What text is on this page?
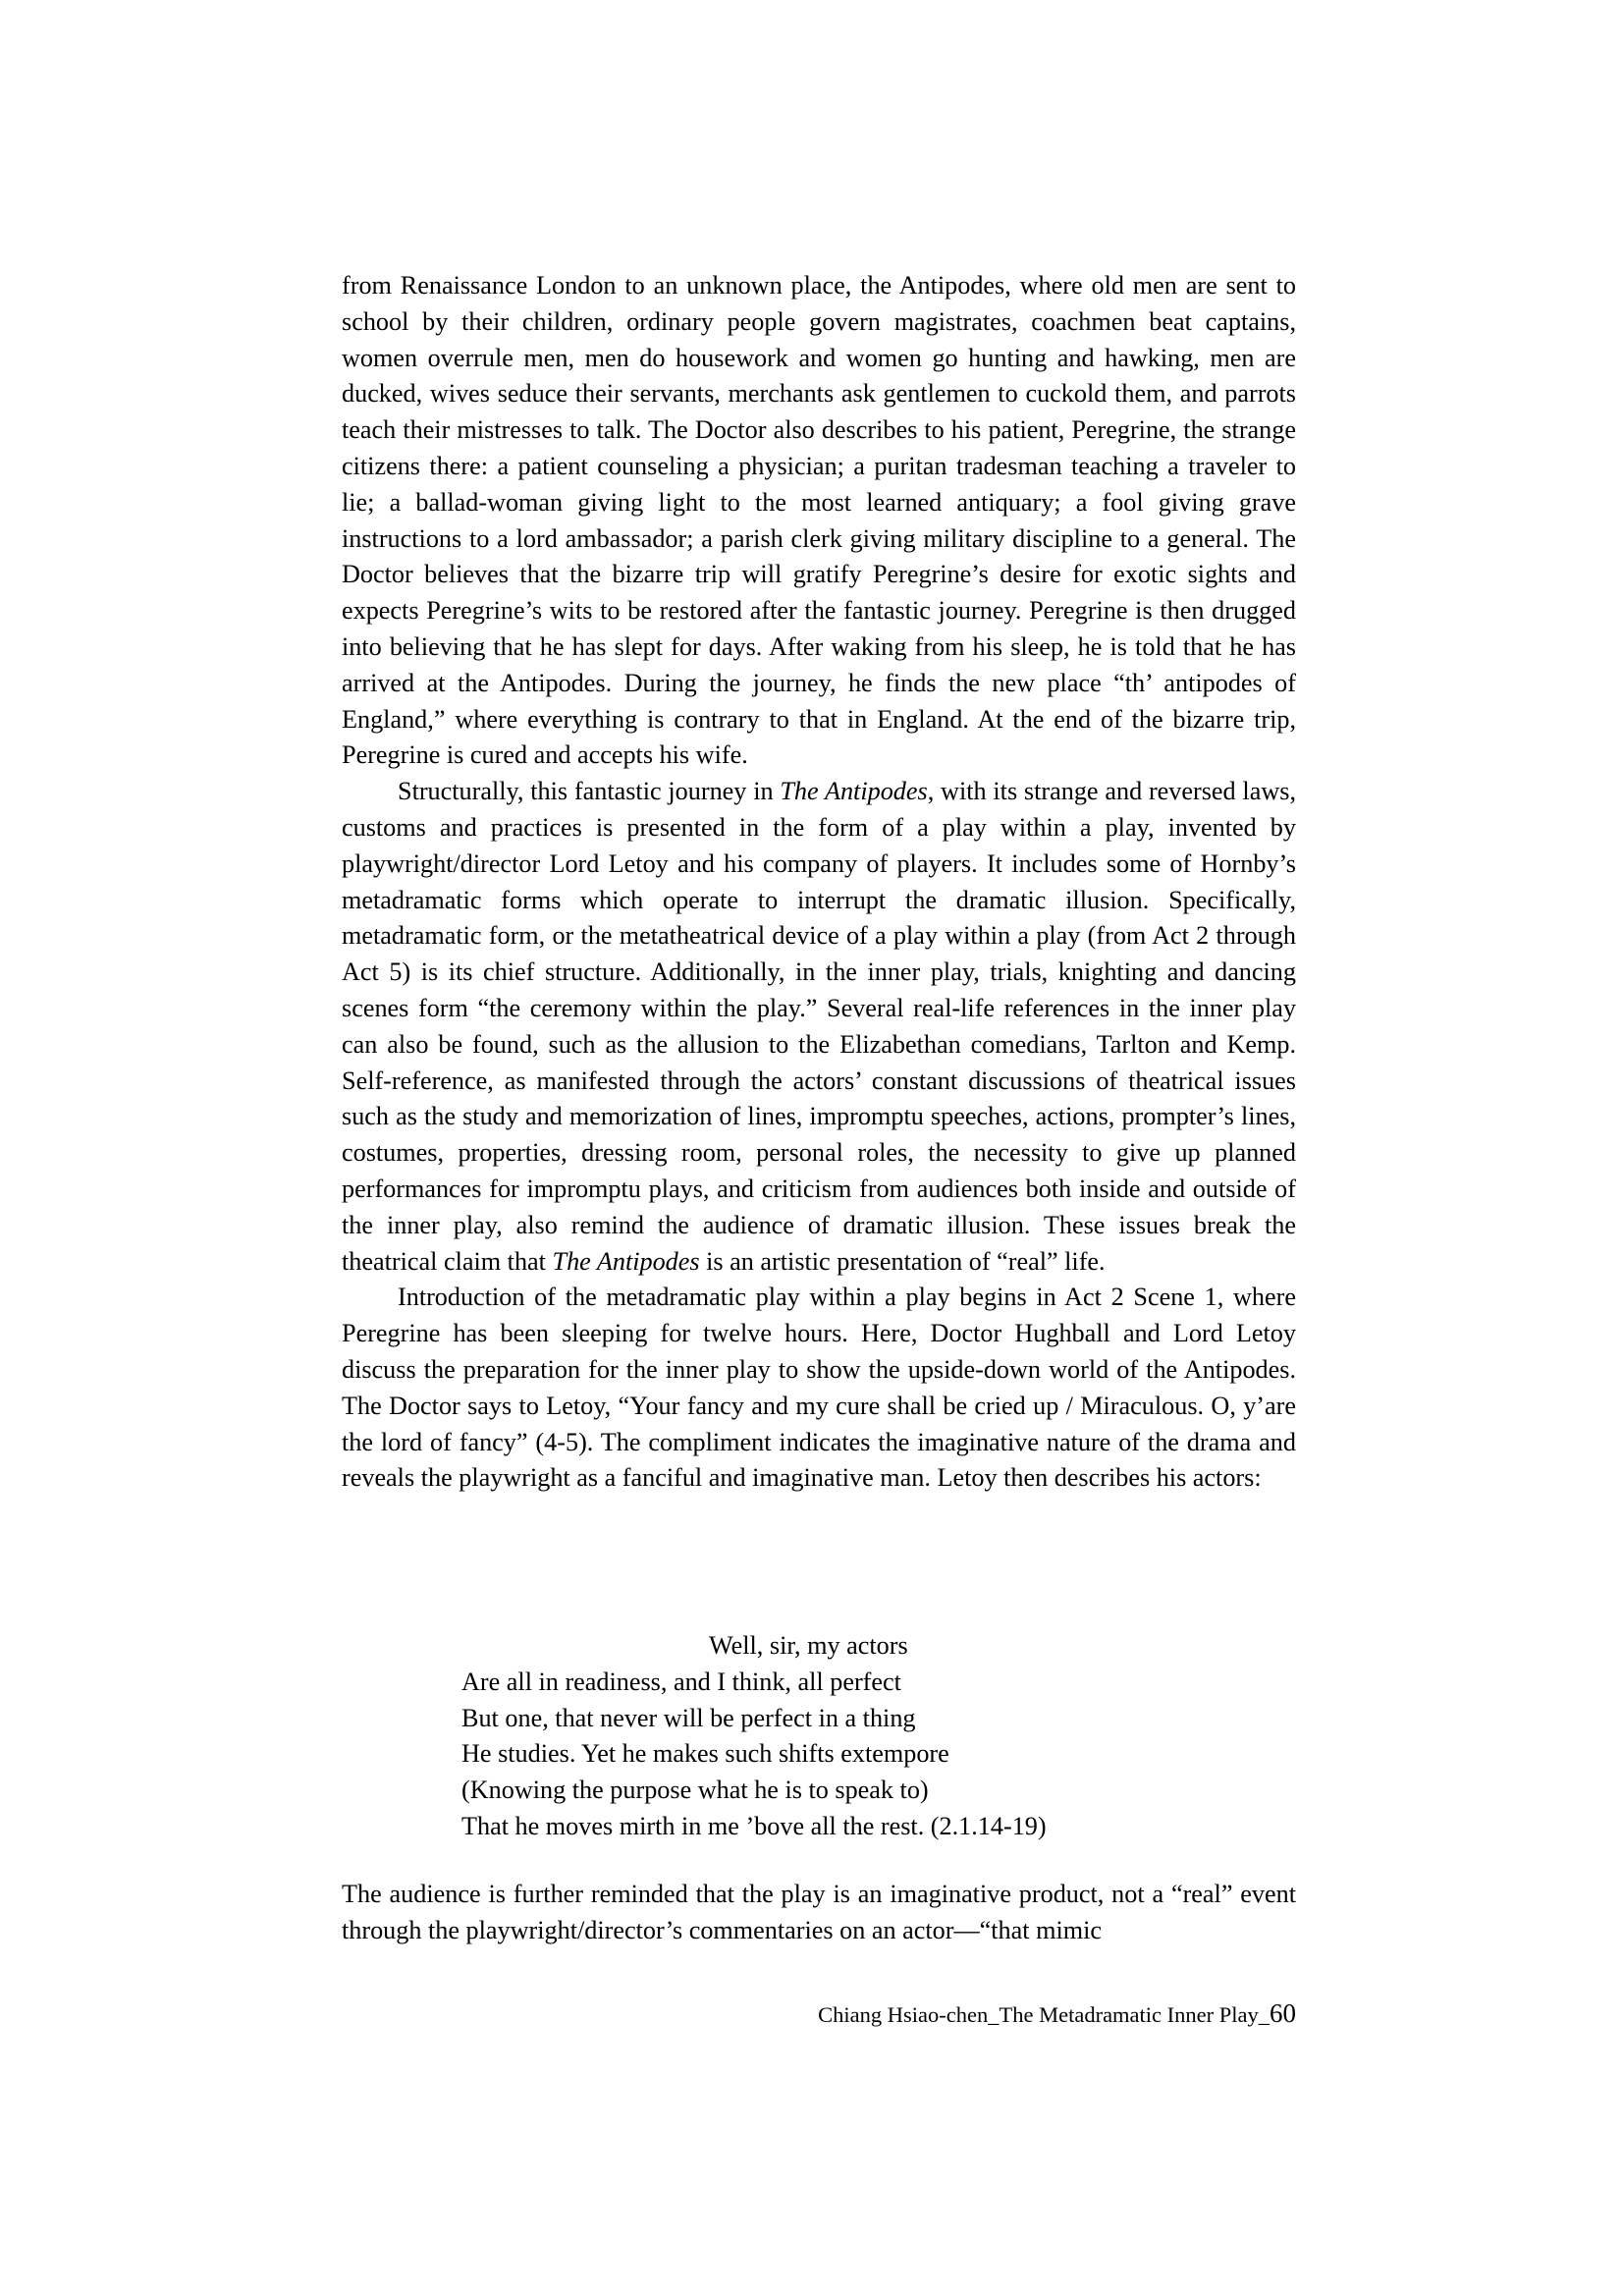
from Renaissance London to an unknown place, the Antipodes, where old men are sent to school by their children, ordinary people govern magistrates, coachmen beat captains, women overrule men, men do housework and women go hunting and hawking, men are ducked, wives seduce their servants, merchants ask gentlemen to cuckold them, and parrots teach their mistresses to talk. The Doctor also describes to his patient, Peregrine, the strange citizens there: a patient counseling a physician; a puritan tradesman teaching a traveler to lie; a ballad-woman giving light to the most learned antiquary; a fool giving grave instructions to a lord ambassador; a parish clerk giving military discipline to a general. The Doctor believes that the bizarre trip will gratify Peregrine’s desire for exotic sights and expects Peregrine’s wits to be restored after the fantastic journey. Peregrine is then drugged into believing that he has slept for days. After waking from his sleep, he is told that he has arrived at the Antipodes. During the journey, he finds the new place “th’ antipodes of England,” where everything is contrary to that in England. At the end of the bizarre trip, Peregrine is cured and accepts his wife.

Structurally, this fantastic journey in The Antipodes, with its strange and reversed laws, customs and practices is presented in the form of a play within a play, invented by playwright/director Lord Letoy and his company of players. It includes some of Hornby’s metadramatic forms which operate to interrupt the dramatic illusion. Specifically, metadramatic form, or the metatheatrical device of a play within a play (from Act 2 through Act 5) is its chief structure. Additionally, in the inner play, trials, knighting and dancing scenes form “the ceremony within the play.” Several real-life references in the inner play can also be found, such as the allusion to the Elizabethan comedians, Tarlton and Kemp. Self-reference, as manifested through the actors’ constant discussions of theatrical issues such as the study and memorization of lines, impromptu speeches, actions, prompter’s lines, costumes, properties, dressing room, personal roles, the necessity to give up planned performances for impromptu plays, and criticism from audiences both inside and outside of the inner play, also remind the audience of dramatic illusion. These issues break the theatrical claim that The Antipodes is an artistic presentation of “real” life.

Introduction of the metadramatic play within a play begins in Act 2 Scene 1, where Peregrine has been sleeping for twelve hours. Here, Doctor Hughball and Lord Letoy discuss the preparation for the inner play to show the upside-down world of the Antipodes. The Doctor says to Letoy, “Your fancy and my cure shall be cried up / Miraculous. O, y’are the lord of fancy” (4-5). The compliment indicates the imaginative nature of the drama and reveals the playwright as a fanciful and imaginative man. Letoy then describes his actors:

Well, sir, my actors

Are all in readiness, and I think, all perfect

But one, that never will be perfect in a thing

He studies. Yet he makes such shifts extempore

(Knowing the purpose what he is to speak to)

That he moves mirth in me ’bove all the rest. (2.1.14-19)

The audience is further reminded that the play is an imaginative product, not a “real” event through the playwright/director’s commentaries on an actor—“that mimic

Chiang Hsiao-chen_The Metadramatic Inner Play_60
